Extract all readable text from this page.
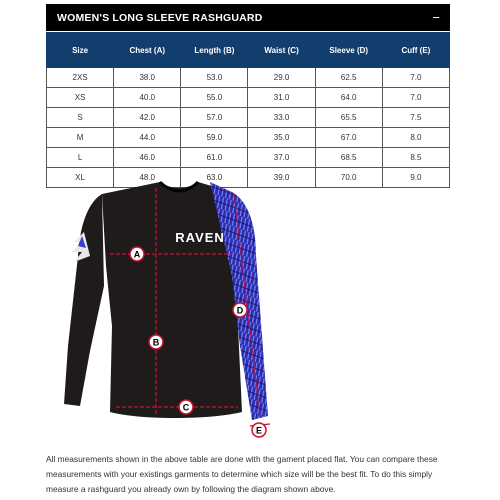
WOMEN'S LONG SLEEVE RASHGUARD	−
Size	Chest (A)	Length (B)	Waist (C)	Sleeve (D)	Cuff (E)
2XS	38.0	53.0	29.0	62.5	7.0
XS	40.0	55.0	31.0	64.0	7.0
S	42.0	57.0	33.0	65.5	7.5
M	44.0	59.0	35.0	67.0	8.0
L	46.0	61.0	37.0	68.5	8.5
XL	48.0	63.0	39.0	70.0	9.0
RAVEN
A
B
C
D
E

All measurements shown in the above table are done with the gament placed flat. You can compare these measurements with your existings garments to determine which size will be the best fit. To do this simply measure a rashguard you already own by following the diagram shown above.
